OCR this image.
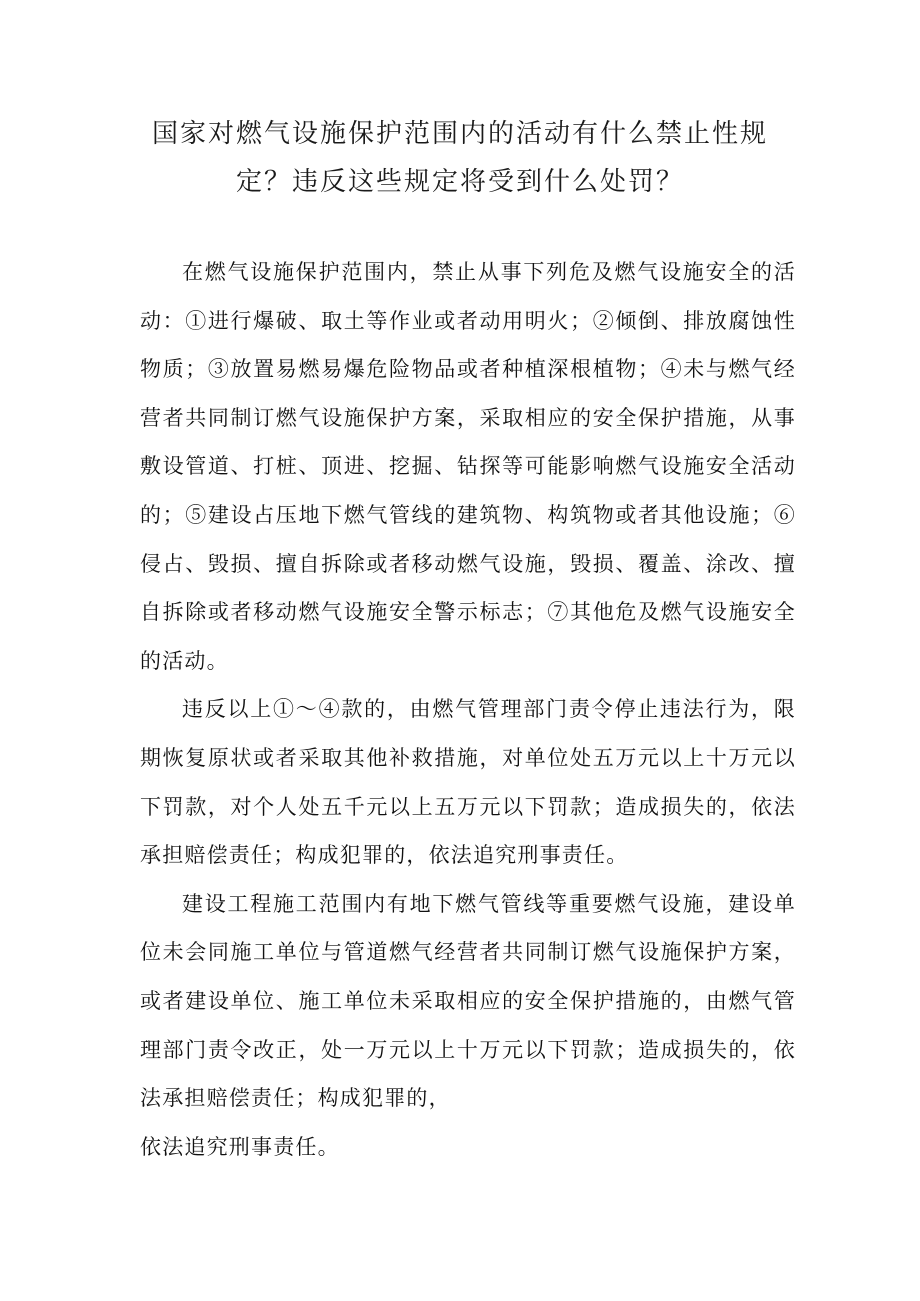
国家对燃气设施保护范围内的活动有什么禁止性规
定？违反这些规定将受到什么处罚？

在燃气设施保护范围内，禁止从事下列危及燃气设施安全的活动：①进行爆破、取土等作业或者动用明火；②倾倒、排放腐蚀性物质；③放置易燃易爆危险物品或者种植深根植物；④未与燃气经营者共同制订燃气设施保护方案，采取相应的安全保护措施，从事敷设管道、打桩、顶进、挖掘、钻探等可能影响燃气设施安全活动的；⑤建设占压地下燃气管线的建筑物、构筑物或者其他设施；⑥侵占、毁损、擅自拆除或者移动燃气设施，毁损、覆盖、涂改、擅自拆除或者移动燃气设施安全警示标志；⑦其他危及燃气设施安全的活动。

违反以上①～④款的，由燃气管理部门责令停止违法行为，限期恢复原状或者采取其他补救措施，对单位处五万元以上十万元以下罚款，对个人处五千元以上五万元以下罚款；造成损失的，依法承担赔偿责任；构成犯罪的，依法追究刑事责任。

建设工程施工范围内有地下燃气管线等重要燃气设施，建设单位未会同施工单位与管道燃气经营者共同制订燃气设施保护方案，或者建设单位、施工单位未采取相应的安全保护措施的，由燃气管理部门责令改正，处一万元以上十万元以下罚款；造成损失的，依法承担赔偿责任；构成犯罪的，

依法追究刑事责任。
